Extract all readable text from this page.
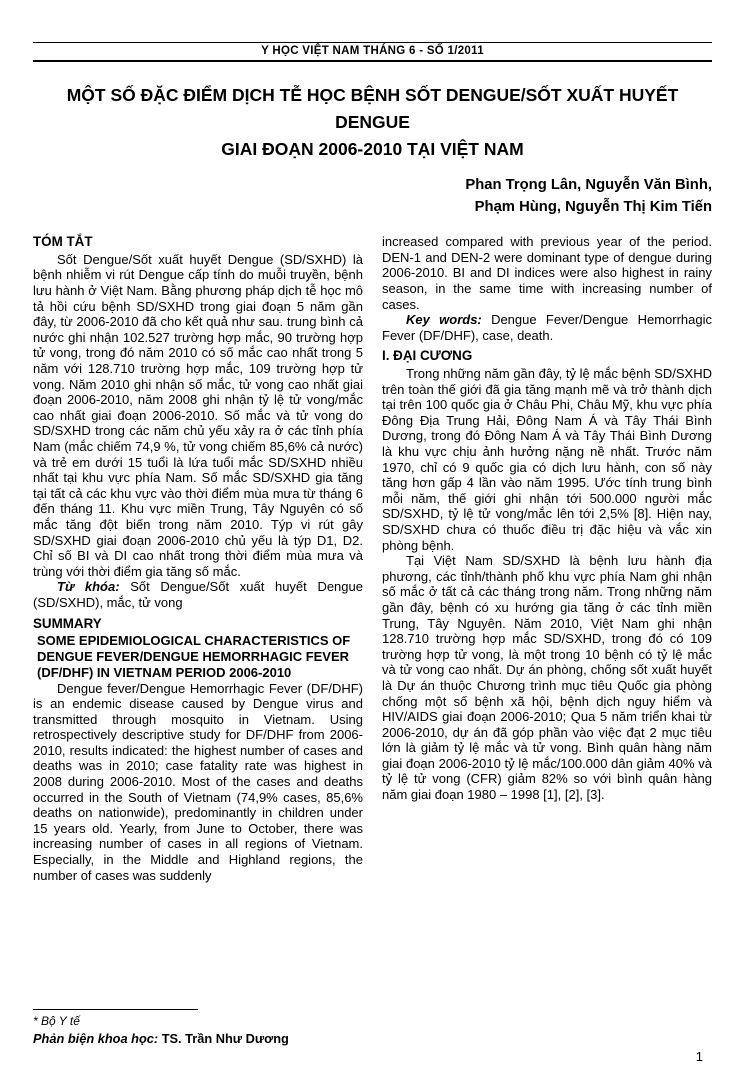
Y HỌC VIỆT NAM THÁNG 6 - SỐ 1/2011
MỘT SỐ ĐẶC ĐIỂM DỊCH TỄ HỌC BỆNH SỐT DENGUE/SỐT XUẤT HUYẾT DENGUE
GIAI ĐOẠN 2006-2010 TẠI VIỆT NAM
Phan Trọng Lân, Nguyễn Văn Bình,
Phạm Hùng, Nguyễn Thị Kim Tiến
TÓM TẮT

Sốt Dengue/Sốt xuất huyết Dengue (SD/SXHD) là bệnh nhiễm vi rút Dengue cấp tính do muỗi truyền, bệnh lưu hành ở Việt Nam. Bằng phương pháp dịch tễ học mô tả hồi cứu bệnh SD/SXHD trong giai đoạn 5 năm gần đây, từ 2006-2010 đã cho kết quả như sau. trung bình cả nước ghi nhận 102.527 trường hợp mắc, 90 trường hợp tử vong, trong đó năm 2010 có số mắc cao nhất trong 5 năm với 128.710 trường hợp mắc, 109 trường hợp tử vong. Năm 2010 ghi nhận số mắc, tử vong cao nhất giai đoạn 2006-2010, năm 2008 ghi nhận tỷ lệ tử vong/mắc cao nhất giai đoạn 2006-2010. Số mắc và tử vong do SD/SXHD trong các năm chủ yếu xảy ra ở các tỉnh phía Nam (mắc chiếm 74,9 %, tử vong chiếm 85,6% cả nước) và trẻ em dưới 15 tuổi là lứa tuổi mắc SD/SXHD nhiều nhất tại khu vực phía Nam. Số mắc SD/SXHD gia tăng tại tất cả các khu vực vào thời điểm mùa mưa từ tháng 6 đến tháng 11. Khu vực miền Trung, Tây Nguyên có số mắc tăng đột biến trong năm 2010. Týp vi rút gây SD/SXHD giai đoạn 2006-2010 chủ yếu là týp D1, D2. Chỉ số BI và DI cao nhất trong thời điểm mùa mưa và trùng với thời điểm gia tăng số mắc.

Từ khóa: Sốt Dengue/Sốt xuất huyết Dengue (SD/SXHD), mắc, tử vong

SUMMARY
SOME EPIDEMIOLOGICAL CHARACTERISTICS OF DENGUE FEVER/DENGUE HEMORRHAGIC FEVER (DF/DHF) IN VIETNAM PERIOD 2006-2010

Dengue fever/Dengue Hemorrhagic Fever (DF/DHF) is an endemic disease caused by Dengue virus and transmitted through mosquito in Vietnam. Using retrospectively descriptive study for DF/DHF from 2006-2010, results indicated: the highest number of cases and deaths was in 2010; case fatality rate was highest in 2008 during 2006-2010. Most of the cases and deaths occurred in the South of Vietnam (74,9% cases, 85,6% deaths on nationwide), predominantly in children under 15 years old. Yearly, from June to October, there was increasing number of cases in all regions of Vietnam. Especially, in the Middle and Highland regions, the number of cases was suddenly

increased compared with previous year of the period. DEN-1 and DEN-2 were dominant type of dengue during 2006-2010. BI and DI indices were also highest in rainy season, in the same time with increasing number of cases.

Key words: Dengue Fever/Dengue Hemorrhagic Fever (DF/DHF), case, death.

I. ĐẠI CƯƠNG

Trong những năm gần đây, tỷ lệ mắc bệnh SD/SXHD trên toàn thế giới đã gia tăng mạnh mẽ và trở thành dịch tại trên 100 quốc gia ở Châu Phi, Châu Mỹ, khu vực phía Đông Địa Trung Hải, Đông Nam Á và Tây Thái Bình Dương, trong đó Đông Nam Á và Tây Thái Bình Dương là khu vực chịu ảnh hưởng nặng nề nhất. Trước năm 1970, chỉ có 9 quốc gia có dịch lưu hành, con số này tăng hơn gấp 4 lần vào năm 1995. Ước tính trung bình mỗi năm, thế giới ghi nhận tới 500.000 người mắc SD/SXHD, tỷ lệ tử vong/mắc lên tới 2,5% [8]. Hiện nay, SD/SXHD chưa có thuốc điều trị đặc hiệu và vắc xin phòng bệnh.

Tại Việt Nam SD/SXHD là bệnh lưu hành địa phương, các tỉnh/thành phố khu vực phía Nam ghi nhận số mắc ở tất cả các tháng trong năm. Trong những năm gần đây, bệnh có xu hướng gia tăng ở các tỉnh miền Trung, Tây Nguyên. Năm 2010, Việt Nam ghi nhận 128.710 trường hợp mắc SD/SXHD, trong đó có 109 trường hợp tử vong, là một trong 10 bệnh có tỷ lệ mắc và tử vong cao nhất. Dự án phòng, chống sốt xuất huyết là Dự án thuộc Chương trình mục tiêu Quốc gia phòng chống một số bệnh xã hội, bệnh dịch nguy hiểm và HIV/AIDS giai đoạn 2006-2010; Qua 5 năm triển khai từ 2006-2010, dự án đã góp phần vào việc đạt 2 mục tiêu lớn là giảm tỷ lệ mắc và tử vong. Bình quân hàng năm giai đoạn 2006-2010 tỷ lệ mắc/100.000 dân giảm 40% và tỷ lệ tử vong (CFR) giảm 82% so với bình quân hàng năm giai đoạn 1980 – 1998 [1], [2], [3].

* Bộ Y tế
Phản biện khoa học: TS. Trần Như Dương
1
